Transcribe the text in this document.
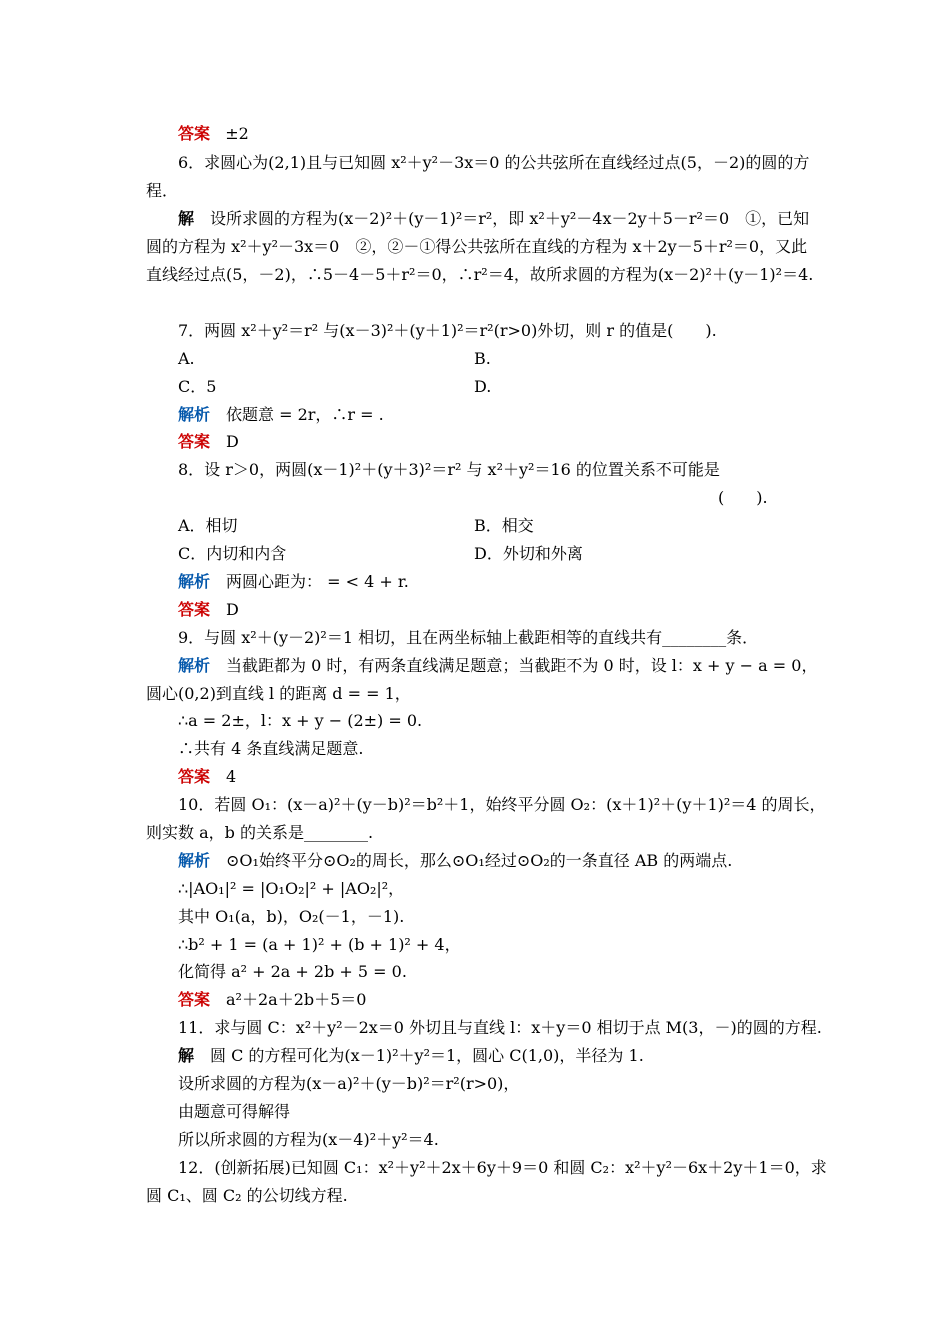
答案   ±2
6．求圆心为(2,1)且与已知圆 x²＋y²－3x＝0 的公共弦所在直线经过点(5，－2)的圆的方
程．
解　设所求圆的方程为(x－2)²＋(y－1)²＝r²，即 x²＋y²－4x－2y＋5－r²＝0　①，已知
圆的方程为 x²＋y²－3x＝0　②，②－①得公共弦所在直线的方程为 x＋2y－5＋r²＝0，又此
直线经过点(5，－2)，∴5－4－5＋r²＝0，∴r²＝4，故所求圆的方程为(x－2)²＋(y－1)²＝4.
7．两圆 x²＋y²＝r² 与(x－3)²＋(y＋1)²＝r²(r>0)外切，则 r 的值是(　　).
A.	B.
C．5	D.
解析　依题意 = 2r，∴r = .
答案　D
8．设 r＞0，两圆(x－1)²＋(y＋3)²＝r² 与 x²＋y²＝16 的位置关系不可能是
(　　).
A．相切	B．相交
C．内切和内含	D．外切和外离
解析　两圆心距为： = < 4 + r.
答案　D
9．与圆 x²＋(y－2)²＝1 相切，且在两坐标轴上截距相等的直线共有________条．
解析　当截距都为 0 时，有两条直线满足题意；当截距不为 0 时，设 l：x + y − a = 0，
圆心(0,2)到直线 l 的距离 d = = 1，
∴a = 2±，l：x + y − (2±) = 0.
∴共有 4 条直线满足题意.
答案　4
10．若圆 O₁：(x－a)²＋(y－b)²＝b²＋1，始终平分圆 O₂：(x＋1)²＋(y＋1)²＝4 的周长，
则实数 a，b 的关系是________.
解析　⊙O₁始终平分⊙O₂的周长，那么⊙O₁经过⊙O₂的一条直径 AB 的两端点.
∴|AO₁|² = |O₁O₂|² + |AO₂|²，
其中 O₁(a，b)，O₂(－1，－1).
∴b² + 1 = (a + 1)² + (b + 1)² + 4，
化简得 a² + 2a + 2b + 5 = 0.
答案　a²＋2a＋2b＋5＝0
11．求与圆 C：x²＋y²－2x＝0 外切且与直线 l：x＋y＝0 相切于点 M(3，－)的圆的方程.
解　圆 C 的方程可化为(x－1)²＋y²＝1，圆心 C(1,0)，半径为 1.
设所求圆的方程为(x－a)²＋(y－b)²＝r²(r>0)，
由题意可得解得
所以所求圆的方程为(x－4)²＋y²＝4.
12．(创新拓展)已知圆 C₁：x²＋y²＋2x＋6y＋9＝0 和圆 C₂：x²＋y²－6x＋2y＋1＝0，求
圆 C₁、圆 C₂ 的公切线方程.
